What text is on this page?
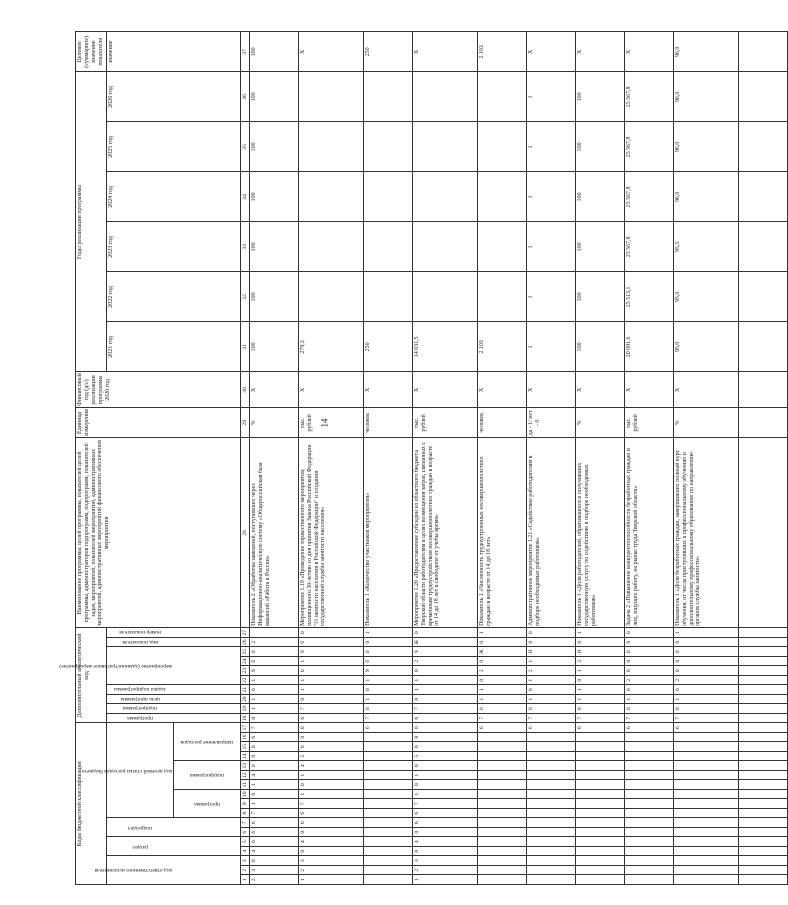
14
Коды бюджетной классификации																	Дополнительный аналитический код										Наименование программы, целей программы, показателей целей программы, администраторов подпрограмм, подпрограмм, показателей задач, мероприятий, показателей мероприятий, административных мероприятий, административных мероприятий финансового обеспечения мероприятия	Единица измерения	Финансовый год (д/с) реализации программы 2020 год	Годы реализации программы						Целевое (суммарное) значение показателя

код ответственного исполнителя			раздел		подраздел		код целевой статьи расходов бюджета										программа	подпрограмма	цель программы	задача подпрограммы	мероприятие (административное мероприятие)				вид показателя	номер показателя				2021 год	2022 год	2023 год	2024 год	2025 год	2026 год	значение

							программа			подпрограмма			направление расходов																							

1	2	3	4	5	6	7	8	9	10	11	12	13	14	15	16	17	18	19	20	21	22	23	24	25	26	27	28	29	30	31	32	33	34	35	36	37
2	3	0	4	0	6	6	7	1	0	1	4	0	0	0	6	7	0	1	1	0	1	9	б	0	2		Показатель 2 «Обработка заявлений, поступивших через Информационно-аналитическую систему «Общероссийская база вакансий «Работа в России»	%	Х	100	100	100	100	100	100	100
1	2	3	0	4	0	6	6	7	1	0	1	4	5	0	0	0	6	7	0	1	1	0	1	9	б	0	Мероприятие 1.19 «Проведение торжественного мероприятия, посвященного 30-летию со дня принятия Закона Российской Федерации "О занятости населения в Российской Федерации" и создания государственной службы занятости населения»	тыс. рублей	Х	279,3						Х
																6	7	0	1	0	1	9	б	0	0	1	Показатель 1 «Количество участников мероприятия»	человек	Х	250						250
1	2	3	0	4	0	6	6	7	1	0	1	0	5	0	0	0	6	7	0	1	1	0	2	9	Ж	0	Мероприятие 1.20 «Предоставление субсидии из областного бюджета Тверской области работодателям в целях возмещения затрат, связанных с временным трудоустройством несовершеннолетних граждан в возрасте от 14 до 18 лет в свободное от учебы время»	тыс. рублей	Х	14 031,5						Х
																6	7	0	1	1	0	2	0	Ж	0	1	Показатель 1 «Численность трудоустроенных несовершеннолетних граждан в возрасте от 14 до 18 лет»	человек	Х	2 103						2 103
																6	7	0	1	0	1	2	1	Я	0	0	Административное мероприятие 1.21 «Содействие работодателям в подборе необходимых работников»	да - 1/ нет - 0	Х	1	1	1	1	1	1	Х
																6	7	0	1	1	0	1	2	Я	0	1	Показатель 1 «Доля работодателей, обратившихся и получивших государственную услугу по содействию в подборе необходимых работников»	%	Х	100	100	100	100	100	100	Х
																6	7	0	1	0	2	0	0	0	0	0	Задача 2 «Повышение конкурентоспособности безработных граждан и лиц, ищущих работу, на рынке труда Тверской области»	тыс. рублей	Х	20 091,6	25 513,1	25 567,8	25 567,8	25 567,8	25 567,8	Х
																6	7	0	1	0	2	0	0	0	0	1	Показатель 1 «Доля безработных граждан, завершивших полный курс обучения, от числа приступивших к профессиональному обучению и дополнительному профессиональному образованию по направлению органов службы занятости»	%	Х	95,0	95,0	95,5	96,0	96,0	96,0	96,0
